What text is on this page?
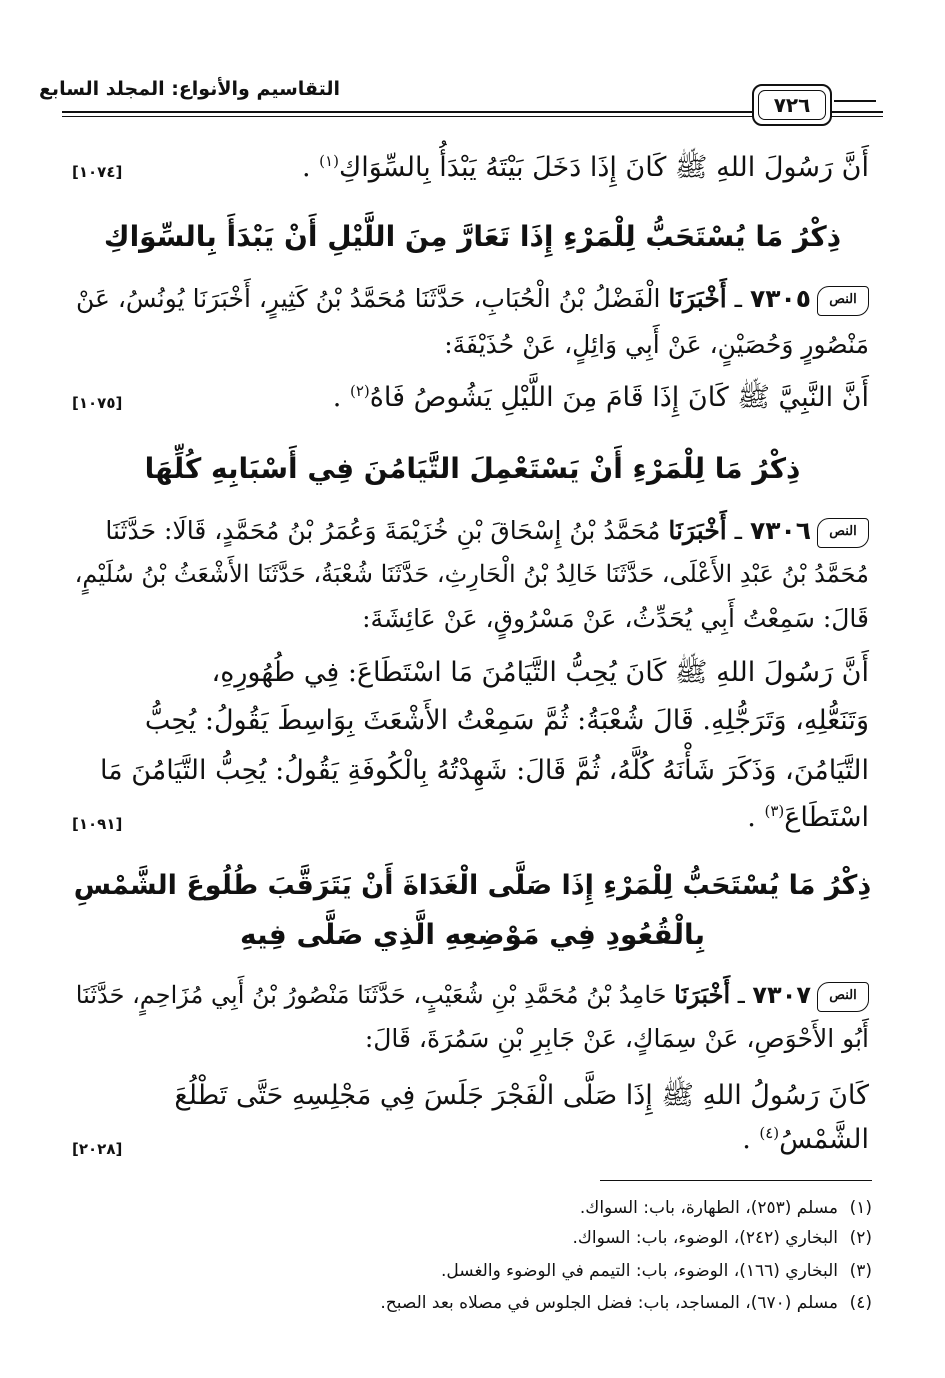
التقاسيم والأنواع: المجلد السابع
٧٢٦
أَنَّ رَسُولَ اللهِ ﷺ كَانَ إِذَا دَخَلَ بَيْتَهُ يَبْدَأُ بِالسِّوَاكِ$^{(١)}$ .
[١٠٧٤]
ذِكْرُ مَا يُسْتَحَبُّ لِلْمَرْءِ إِذَا تَعَارَّ مِنَ اللَّيْلِ أَنْ يَبْدَأَ بِالسِّوَاكِ
النص٧٣٠٥ ـ أَخْبَرَنَا الْفَضْلُ بْنُ الْحُبَابِ، حَدَّثَنَا مُحَمَّدُ بْنُ كَثِيرٍ، أَخْبَرَنَا يُونُسُ، عَنْ
مَنْصُورٍ وَحُصَيْنٍ، عَنْ أَبِي وَائِلٍ، عَنْ حُذَيْفَةَ:
أَنَّ النَّبِيَّ ﷺ كَانَ إِذَا قَامَ مِنَ اللَّيْلِ يَشُوصُ فَاهُ$^{(٢)}$ .
[١٠٧٥]
ذِكْرُ مَا لِلْمَرْءِ أَنْ يَسْتَعْمِلَ التَّيَامُنَ فِي أَسْبَابِهِ كُلِّهَا
النص٧٣٠٦ ـ أَخْبَرَنَا مُحَمَّدُ بْنُ إِسْحَاقَ بْنِ خُزَيْمَةَ وَعُمَرُ بْنُ مُحَمَّدٍ، قَالَا: حَدَّثَنَا
مُحَمَّدُ بْنُ عَبْدِ الأَعْلَى، حَدَّثَنَا خَالِدُ بْنُ الْحَارِثِ، حَدَّثَنَا شُعْبَةُ، حَدَّثَنَا الأَشْعَثُ بْنُ سُلَيْمٍ،
قَالَ: سَمِعْتُ أَبِي يُحَدِّثُ، عَنْ مَسْرُوقٍ، عَنْ عَائِشَةَ:
أَنَّ رَسُولَ اللهِ ﷺ كَانَ يُحِبُّ التَّيَامُنَ مَا اسْتَطَاعَ: فِي طُهُورِهِ،
وَتَنَعُّلِهِ، وَتَرَجُّلِهِ. قَالَ شُعْبَةُ: ثُمَّ سَمِعْتُ الأَشْعَثَ بِوَاسِطَ يَقُولُ: يُحِبُّ
التَّيَامُنَ، وَذَكَرَ شَأْنَهُ كُلَّهُ، ثُمَّ قَالَ: شَهِدْتُهُ بِالْكُوفَةِ يَقُولُ: يُحِبُّ التَّيَامُنَ مَا
اسْتَطَاعَ$^{(٣)}$ .
[١٠٩١]
ذِكْرُ مَا يُسْتَحَبُّ لِلْمَرْءِ إِذَا صَلَّى الْغَدَاةَ أَنْ يَتَرَقَّبَ طُلُوعَ الشَّمْسِ
بِالْقُعُودِ فِي مَوْضِعِهِ الَّذِي صَلَّى فِيهِ
النص٧٣٠٧ ـ أَخْبَرَنَا حَامِدُ بْنُ مُحَمَّدِ بْنِ شُعَيْبٍ، حَدَّثَنَا مَنْصُورُ بْنُ أَبِي مُزَاحِمٍ، حَدَّثَنَا
أَبُو الأَحْوَصِ، عَنْ سِمَاكٍ، عَنْ جَابِرِ بْنِ سَمُرَةَ، قَالَ:
كَانَ رَسُولُ اللهِ ﷺ إِذَا صَلَّى الْفَجْرَ جَلَسَ فِي مَجْلِسِهِ حَتَّى تَطْلُعَ
الشَّمْسُ$^{(٤)}$ .
[٢٠٢٨]
(١)مسلم (٢٥٣)، الطهارة، باب: السواك.
(٢)البخاري (٢٤٢)، الوضوء، باب: السواك.
(٣)البخاري (١٦٦)، الوضوء، باب: التيمم في الوضوء والغسل.
(٤)مسلم (٦٧٠)، المساجد، باب: فضل الجلوس في مصلاه بعد الصبح.
